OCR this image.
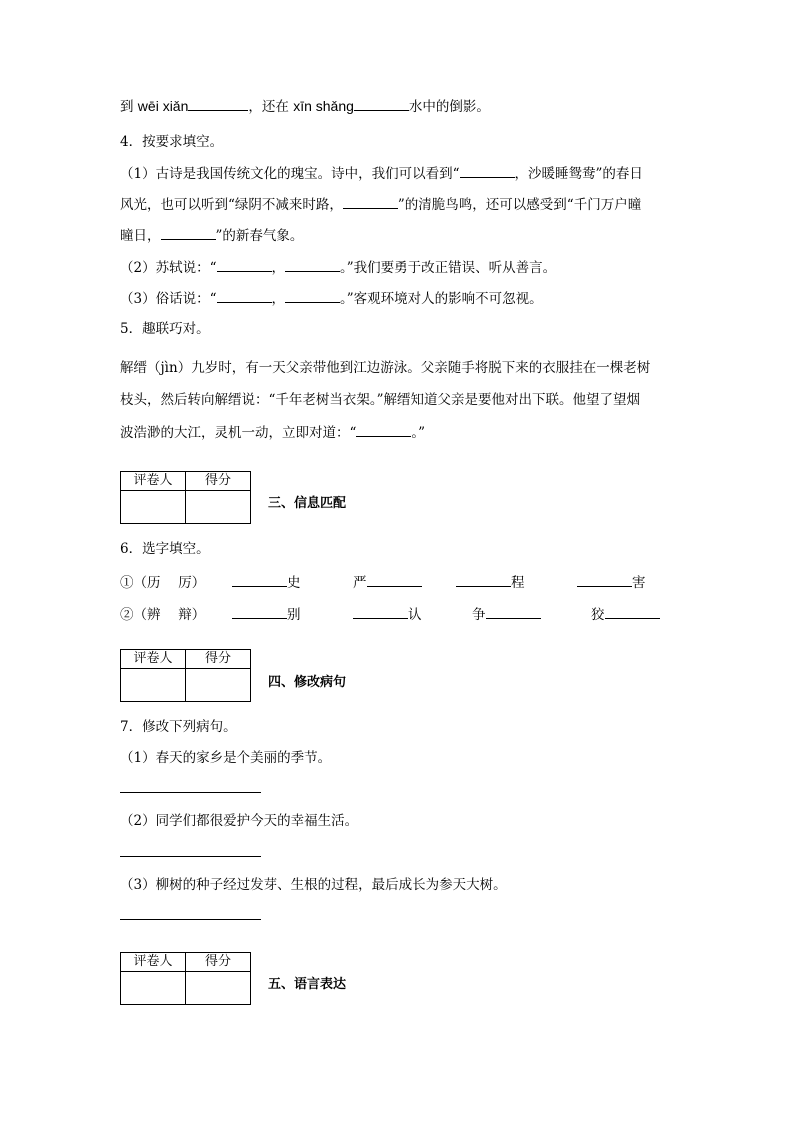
到 wēi xiǎn	，还在 xīn shǎng	水中的倒影。
4．按要求填空。
（1）古诗是我国传统文化的瑰宝。诗中，我们可以看到“	，沙暖睡鸳鸯”的春日
风光，也可以听到“绿阴不减来时路，	”的清脆鸟鸣，还可以感受到“千门万户曈
曈日，	”的新春气象。
（2）苏轼说：“	，	。”我们要勇于改正错误、听从善言。
（3）俗话说：“	，	。”客观环境对人的影响不可忽视。
5．趣联巧对。
解缙（jìn）九岁时，有一天父亲带他到江边游泳。父亲随手将脱下来的衣服挂在一棵老树
枝头，然后转向解缙说：“千年老树当衣架。”解缙知道父亲是要他对出下联。他望了望烟
波浩渺的大江，灵机一动，立即对道：“	。”
评卷人	得分

三、信息匹配
6．选字填空。
①（历　 厉）	史	严	程	害
②（辨　 辩）	别	认	争	狡
评卷人	得分

四、修改病句
7．修改下列病句。
（1）春天的家乡是个美丽的季节。
（2）同学们都很爱护今天的幸福生活。
（3）柳树的种子经过发芽、生根的过程，最后成长为参天大树。
评卷人	得分

五、语言表达
